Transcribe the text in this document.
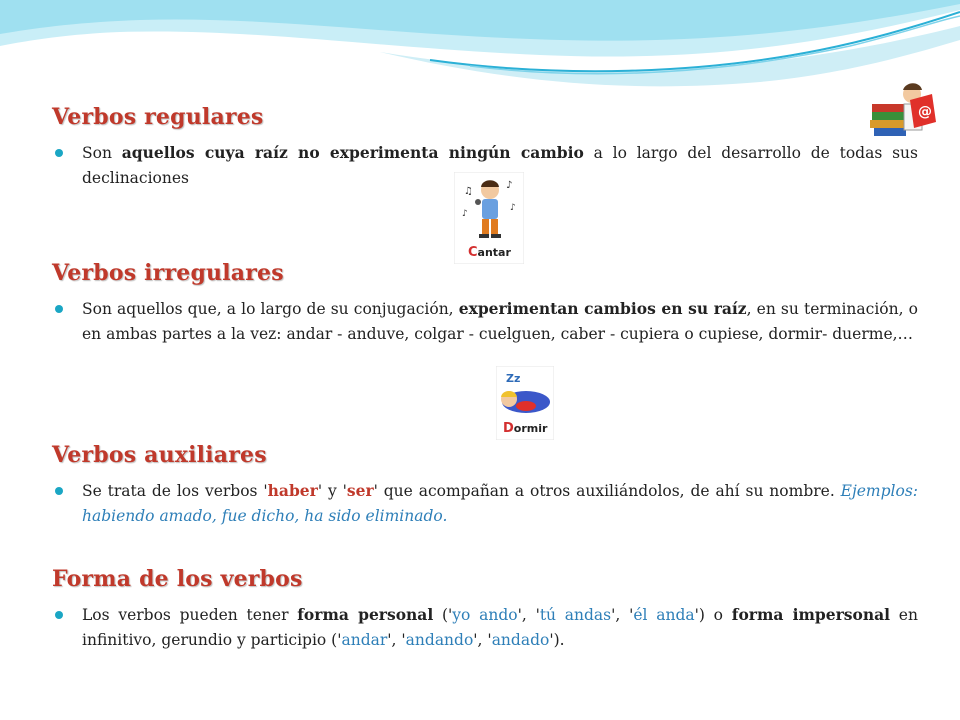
@
Verbos regulares

Son aquellos cuya raíz no experimenta ningún cambio a lo largo del desarrollo de todas sus declinaciones	♪
♫
♪
♪
Cantar
Verbos irregulares

Son aquellos que, a lo largo de su conjugación, experimentan cambios en su raíz, en su terminación, o en ambas partes a la vez: andar - anduve, colgar - cuelguen, caber - cupiera o cupiese, dormir- duerme,…

Zz
Dormir
Verbos auxiliares

Se trata de los verbos 'haber' y 'ser' que acompañan a otros auxiliándolos, de ahí su nombre. Ejemplos: habiendo amado, fue dicho, ha sido eliminado.

Forma de los verbos

Los verbos pueden tener forma personal ('yo ando', 'tú andas', 'él anda') o forma impersonal en infinitivo, gerundio y participio ('andar', 'andando', 'andado').
